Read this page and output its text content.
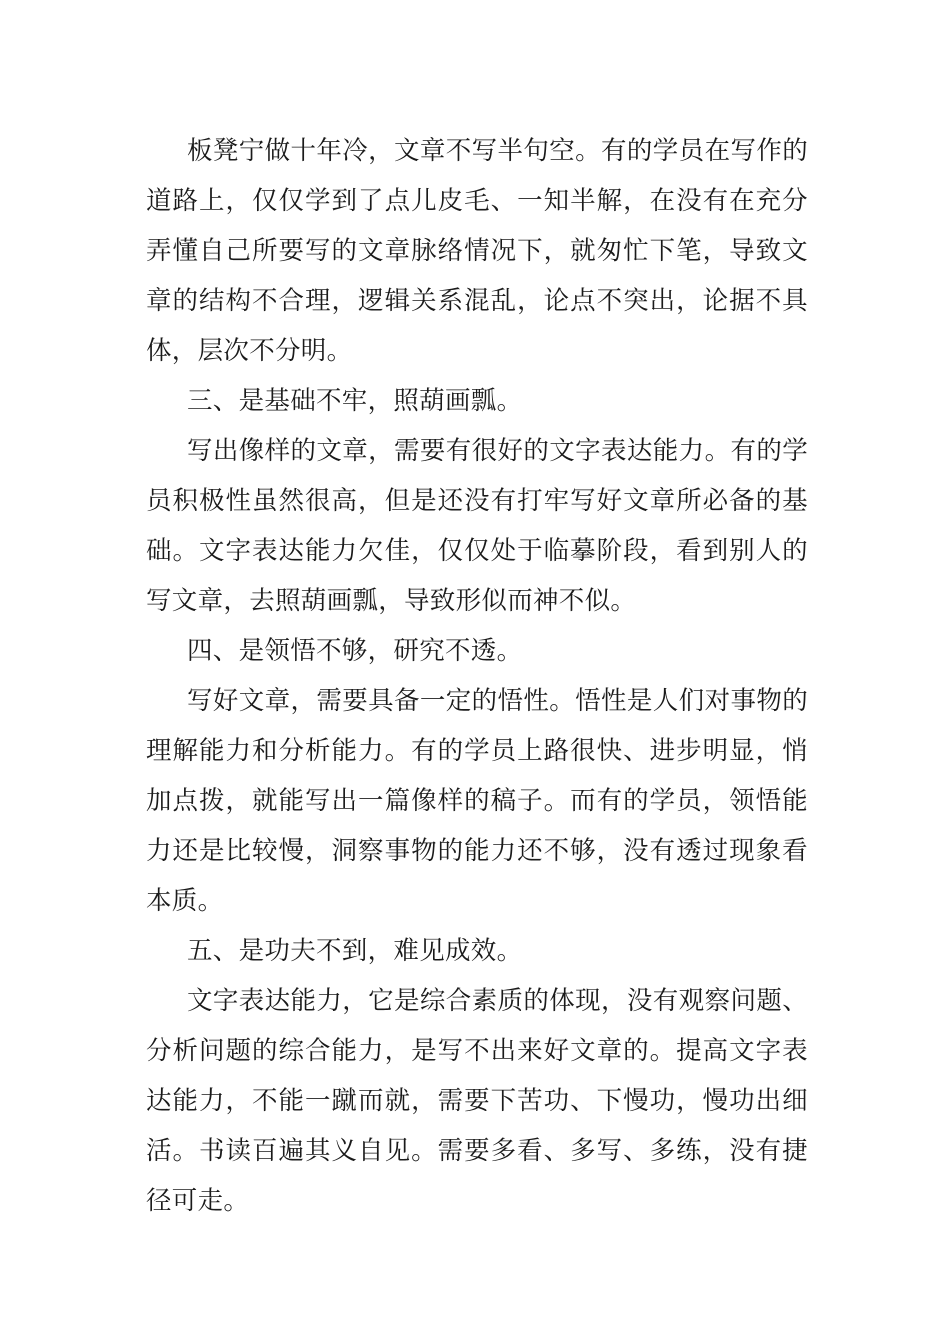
板凳宁做十年冷，文章不写半句空。有的学员在写作的道路上，仅仅学到了点儿皮毛、一知半解，在没有在充分弄懂自己所要写的文章脉络情况下，就匆忙下笔，导致文章的结构不合理，逻辑关系混乱，论点不突出，论据不具体，层次不分明。

三、是基础不牢，照葫画瓢。

写出像样的文章，需要有很好的文字表达能力。有的学员积极性虽然很高，但是还没有打牢写好文章所必备的基础。文字表达能力欠佳，仅仅处于临摹阶段，看到别人的写文章，去照葫画瓢，导致形似而神不似。

四、是领悟不够，研究不透。

写好文章，需要具备一定的悟性。悟性是人们对事物的理解能力和分析能力。有的学员上路很快、进步明显，悄加点拨，就能写出一篇像样的稿子。而有的学员，领悟能力还是比较慢，洞察事物的能力还不够，没有透过现象看本质。

五、是功夫不到，难见成效。

文字表达能力，它是综合素质的体现，没有观察问题、分析问题的综合能力，是写不出来好文章的。提高文字表达能力，不能一蹴而就，需要下苦功、下慢功，慢功出细活。书读百遍其义自见。需要多看、多写、多练，没有捷径可走。
